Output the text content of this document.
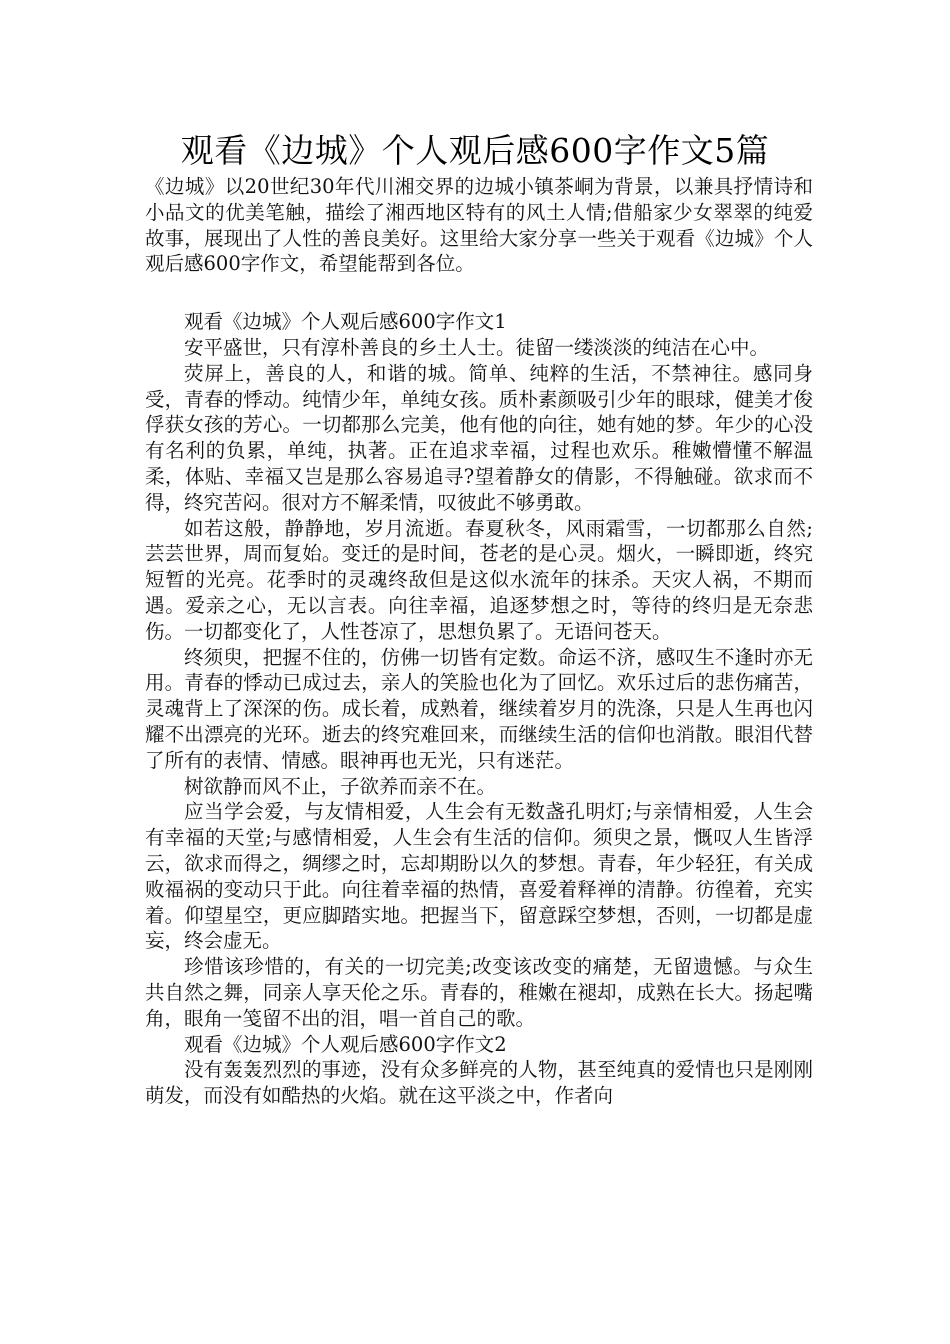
观看《边城》个人观后感600字作文5篇

《边城》以20世纪30年代川湘交界的边城小镇茶峒为背景，以兼具抒情诗和小品文的优美笔触，描绘了湘西地区特有的风土人情;借船家少女翠翠的纯爱故事，展现出了人性的善良美好。这里给大家分享一些关于观看《边城》个人观后感600字作文，希望能帮到各位。

观看《边城》个人观后感600字作文1

安平盛世，只有淳朴善良的乡土人士。徒留一缕淡淡的纯洁在心中。

荧屏上，善良的人，和谐的城。简单、纯粹的生活，不禁神往。感同身受，青春的悸动。纯情少年，单纯女孩。质朴素颜吸引少年的眼球，健美才俊俘获女孩的芳心。一切都那么完美，他有他的向往，她有她的梦。年少的心没有名利的负累，单纯，执著。正在追求幸福，过程也欢乐。稚嫩懵懂不解温柔，体贴、幸福又岂是那么容易追寻?望着静女的倩影，不得触碰。欲求而不得，终究苦闷。很对方不解柔情，叹彼此不够勇敢。

如若这般，静静地，岁月流逝。春夏秋冬，风雨霜雪，一切都那么自然;芸芸世界，周而复始。变迁的是时间，苍老的是心灵。烟火，一瞬即逝，终究短暂的光亮。花季时的灵魂终敌但是这似水流年的抹杀。天灾人祸，不期而遇。爱亲之心，无以言表。向往幸福，追逐梦想之时，等待的终归是无奈悲伤。一切都变化了，人性苍凉了，思想负累了。无语问苍天。

终须臾，把握不住的，仿佛一切皆有定数。命运不济，感叹生不逢时亦无用。青春的悸动已成过去，亲人的笑脸也化为了回忆。欢乐过后的悲伤痛苦，灵魂背上了深深的伤。成长着，成熟着，继续着岁月的洗涤，只是人生再也闪耀不出漂亮的光环。逝去的终究难回来，而继续生活的信仰也消散。眼泪代替了所有的表情、情感。眼神再也无光，只有迷茫。

树欲静而风不止，子欲养而亲不在。

应当学会爱，与友情相爱，人生会有无数盏孔明灯;与亲情相爱，人生会有幸福的天堂;与感情相爱，人生会有生活的信仰。须臾之景，慨叹人生皆浮云，欲求而得之，绸缪之时，忘却期盼以久的梦想。青春，年少轻狂，有关成败福祸的变动只于此。向往着幸福的热情，喜爱着释禅的清静。彷徨着，充实着。仰望星空，更应脚踏实地。把握当下，留意踩空梦想，否则，一切都是虚妄，终会虚无。

珍惜该珍惜的，有关的一切完美;改变该改变的痛楚，无留遗憾。与众生共自然之舞，同亲人享天伦之乐。青春的，稚嫩在褪却，成熟在长大。扬起嘴角，眼角一笺留不出的泪，唱一首自己的歌。

观看《边城》个人观后感600字作文2

没有轰轰烈烈的事迹，没有众多鲜亮的人物，甚至纯真的爱情也只是刚刚萌发，而没有如酷热的火焰。就在这平淡之中，作者向
